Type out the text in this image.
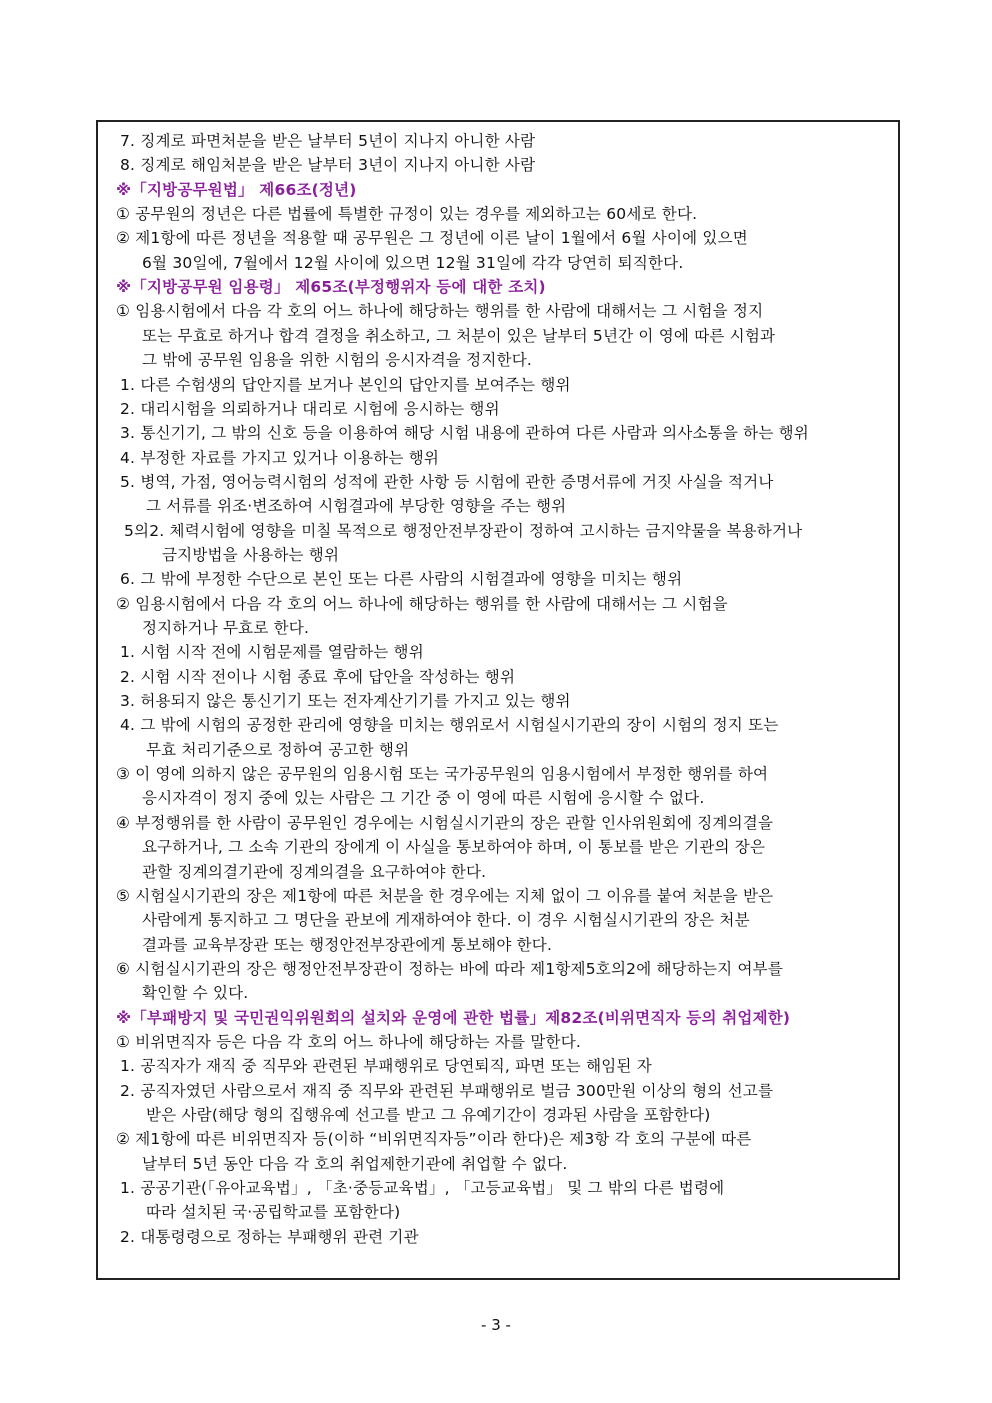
7. 징계로 파면처분을 받은 날부터 5년이 지나지 아니한 사람
8. 징계로 해임처분을 받은 날부터 3년이 지나지 아니한 사람
※「지방공무원법」 제66조(정년)
① 공무원의 정년은 다른 법률에 특별한 규정이 있는 경우를 제외하고는 60세로 한다.
② 제1항에 따른 정년을 적용할 때 공무원은 그 정년에 이른 날이 1월에서 6월 사이에 있으면
6월 30일에, 7월에서 12월 사이에 있으면 12월 31일에 각각 당연히 퇴직한다.
※「지방공무원 임용령」 제65조(부정행위자 등에 대한 조치)
① 임용시험에서 다음 각 호의 어느 하나에 해당하는 행위를 한 사람에 대해서는 그 시험을 정지
또는 무효로 하거나 합격 결정을 취소하고, 그 처분이 있은 날부터 5년간 이 영에 따른 시험과
그 밖에 공무원 임용을 위한 시험의 응시자격을 정지한다.
1. 다른 수험생의 답안지를 보거나 본인의 답안지를 보여주는 행위
2. 대리시험을 의뢰하거나 대리로 시험에 응시하는 행위
3. 통신기기, 그 밖의 신호 등을 이용하여 해당 시험 내용에 관하여 다른 사람과 의사소통을 하는 행위
4. 부정한 자료를 가지고 있거나 이용하는 행위
5. 병역, 가점, 영어능력시험의 성적에 관한 사항 등 시험에 관한 증명서류에 거짓 사실을 적거나
그 서류를 위조·변조하여 시험결과에 부당한 영향을 주는 행위
5의2. 체력시험에 영향을 미칠 목적으로 행정안전부장관이 정하여 고시하는 금지약물을 복용하거나
금지방법을 사용하는 행위
6. 그 밖에 부정한 수단으로 본인 또는 다른 사람의 시험결과에 영향을 미치는 행위
② 임용시험에서 다음 각 호의 어느 하나에 해당하는 행위를 한 사람에 대해서는 그 시험을
정지하거나 무효로 한다.
1. 시험 시작 전에 시험문제를 열람하는 행위
2. 시험 시작 전이나 시험 종료 후에 답안을 작성하는 행위
3. 허용되지 않은 통신기기 또는 전자계산기기를 가지고 있는 행위
4. 그 밖에 시험의 공정한 관리에 영향을 미치는 행위로서 시험실시기관의 장이 시험의 정지 또는
무효 처리기준으로 정하여 공고한 행위
③ 이 영에 의하지 않은 공무원의 임용시험 또는 국가공무원의 임용시험에서 부정한 행위를 하여
응시자격이 정지 중에 있는 사람은 그 기간 중 이 영에 따른 시험에 응시할 수 없다.
④ 부정행위를 한 사람이 공무원인 경우에는 시험실시기관의 장은 관할 인사위원회에 징계의결을
요구하거나, 그 소속 기관의 장에게 이 사실을 통보하여야 하며, 이 통보를 받은 기관의 장은
관할 징계의결기관에 징계의결을 요구하여야 한다.
⑤ 시험실시기관의 장은 제1항에 따른 처분을 한 경우에는 지체 없이 그 이유를 붙여 처분을 받은
사람에게 통지하고 그 명단을 관보에 게재하여야 한다. 이 경우 시험실시기관의 장은 처분
결과를 교육부장관 또는 행정안전부장관에게 통보해야 한다.
⑥ 시험실시기관의 장은 행정안전부장관이 정하는 바에 따라 제1항제5호의2에 해당하는지 여부를
확인할 수 있다.
※「부패방지 및 국민권익위원회의 설치와 운영에 관한 법률」제82조(비위면직자 등의 취업제한)
① 비위면직자 등은 다음 각 호의 어느 하나에 해당하는 자를 말한다.
1. 공직자가 재직 중 직무와 관련된 부패행위로 당연퇴직, 파면 또는 해임된 자
2. 공직자였던 사람으로서 재직 중 직무와 관련된 부패행위로 벌금 300만원 이상의 형의 선고를
받은 사람(해당 형의 집행유예 선고를 받고 그 유예기간이 경과된 사람을 포함한다)
② 제1항에 따른 비위면직자 등(이하 “비위면직자등”이라 한다)은 제3항 각 호의 구분에 따른
날부터 5년 동안 다음 각 호의 취업제한기관에 취업할 수 없다.
1. 공공기관(「유아교육법」, 「초·중등교육법」, 「고등교육법」 및 그 밖의 다른 법령에
따라 설치된 국·공립학교를 포함한다)
2. 대통령령으로 정하는 부패행위 관련 기관
- 3 -
